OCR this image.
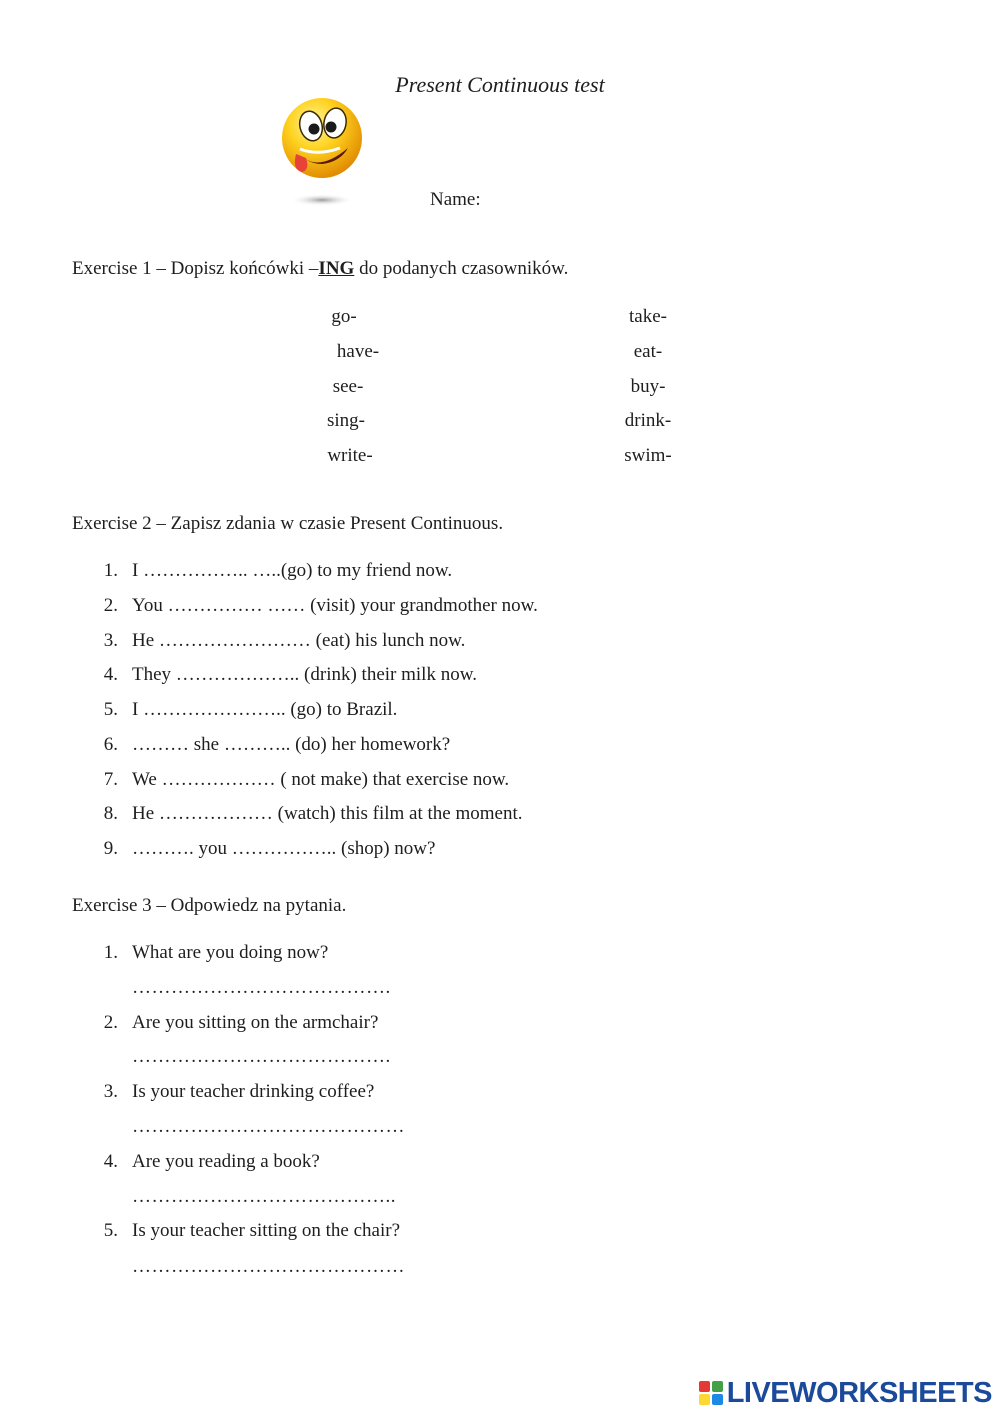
Present Continuous test
Name:
Exercise 1 – Dopisz końcówki –ING do podanych czasowników.
go-
have-
see-
sing-
write-
take-
eat-
buy-
drink-
swim-
Exercise 2 – Zapisz zdania w czasie Present Continuous.
1. I …………….. …..(go) to my friend now.
2. You …………… …… (visit) your grandmother now.
3. He …………………… (eat) his lunch now.
4. They ……………….. (drink) their milk now.
5. I ………………….. (go) to Brazil.
6. ……… she ……….. (do) her homework?
7. We ……………… ( not make) that exercise now.
8. He ……………… (watch) this film at the moment.
9. ………. you …………….. (shop) now?
Exercise 3 – Odpowiedz na pytania.
1. What are you doing now?
………………………………….
2. Are you sitting on the armchair?
………………………………….
3. Is your teacher drinking coffee?
……………………………………
4. Are you reading a book?
…………………………………..
5. Is your teacher sitting on the chair?
……………………………………
LIVEWORKSHEETS
